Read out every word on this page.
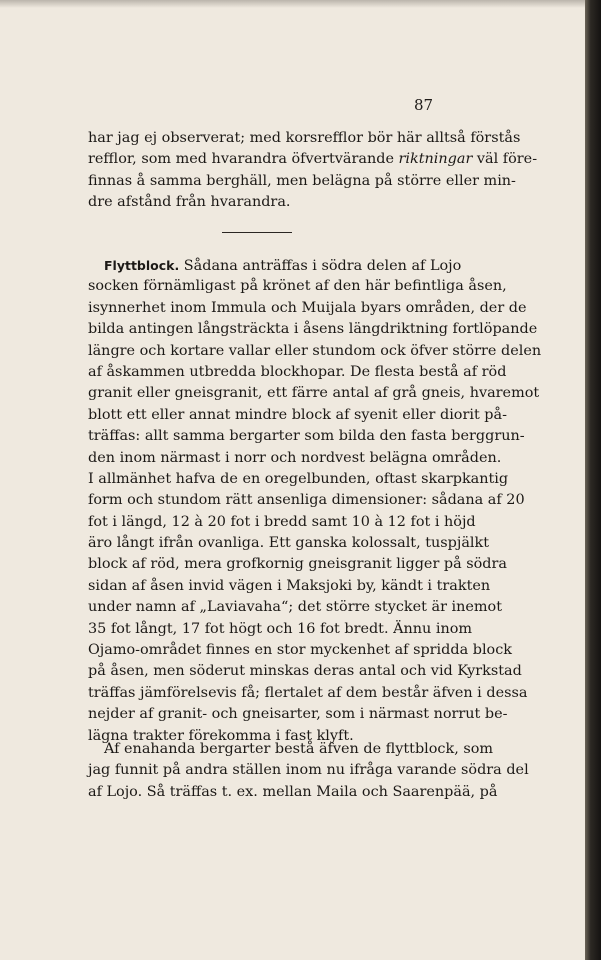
87
har jag ej observerat; med korsrefflor bör här alltså förstås
refflor, som med hvarandra öfvertvärande riktningar väl före-
finnas å samma berghäll, men belägna på större eller min-
dre afstånd från hvarandra.
Flyttblock. Sådana anträffas i södra delen af Lojo
socken förnämligast på krönet af den här befintliga åsen,
isynnerhet inom Immula och Muijala byars områden, der de
bilda antingen långsträckta i åsens längdriktning fortlöpande
längre och kortare vallar eller stundom ock öfver större delen
af åskammen utbredda blockhopar. De flesta bestå af röd
granit eller gneisgranit, ett färre antal af grå gneis, hvaremot
blott ett eller annat mindre block af syenit eller diorit på-
träffas: allt samma bergarter som bilda den fasta berggrun-
den inom närmast i norr och nordvest belägna områden.
I allmänhet hafva de en oregelbunden, oftast skarpkantig
form och stundom rätt ansenliga dimensioner: sådana af 20
fot i längd, 12 à 20 fot i bredd samt 10 à 12 fot i höjd
äro långt ifrån ovanliga. Ett ganska kolossalt, tuspjälkt
block af röd, mera grofkornig gneisgranit ligger på södra
sidan af åsen invid vägen i Maksjoki by, kändt i trakten
under namn af „Laviavaha“; det större stycket är inemot
35 fot långt, 17 fot högt och 16 fot bredt. Ännu inom
Ojamo-området finnes en stor myckenhet af spridda block
på åsen, men söderut minskas deras antal och vid Kyrkstad
träffas jämförelsevis få; flertalet af dem består äfven i dessa
nejder af granit- och gneisarter, som i närmast norrut be-
lägna trakter förekomma i fast klyft.
Af enahanda bergarter bestå äfven de flyttblock, som
jag funnit på andra ställen inom nu ifråga varande södra del
af Lojo. Så träffas t. ex. mellan Maila och Saarenpää, på
